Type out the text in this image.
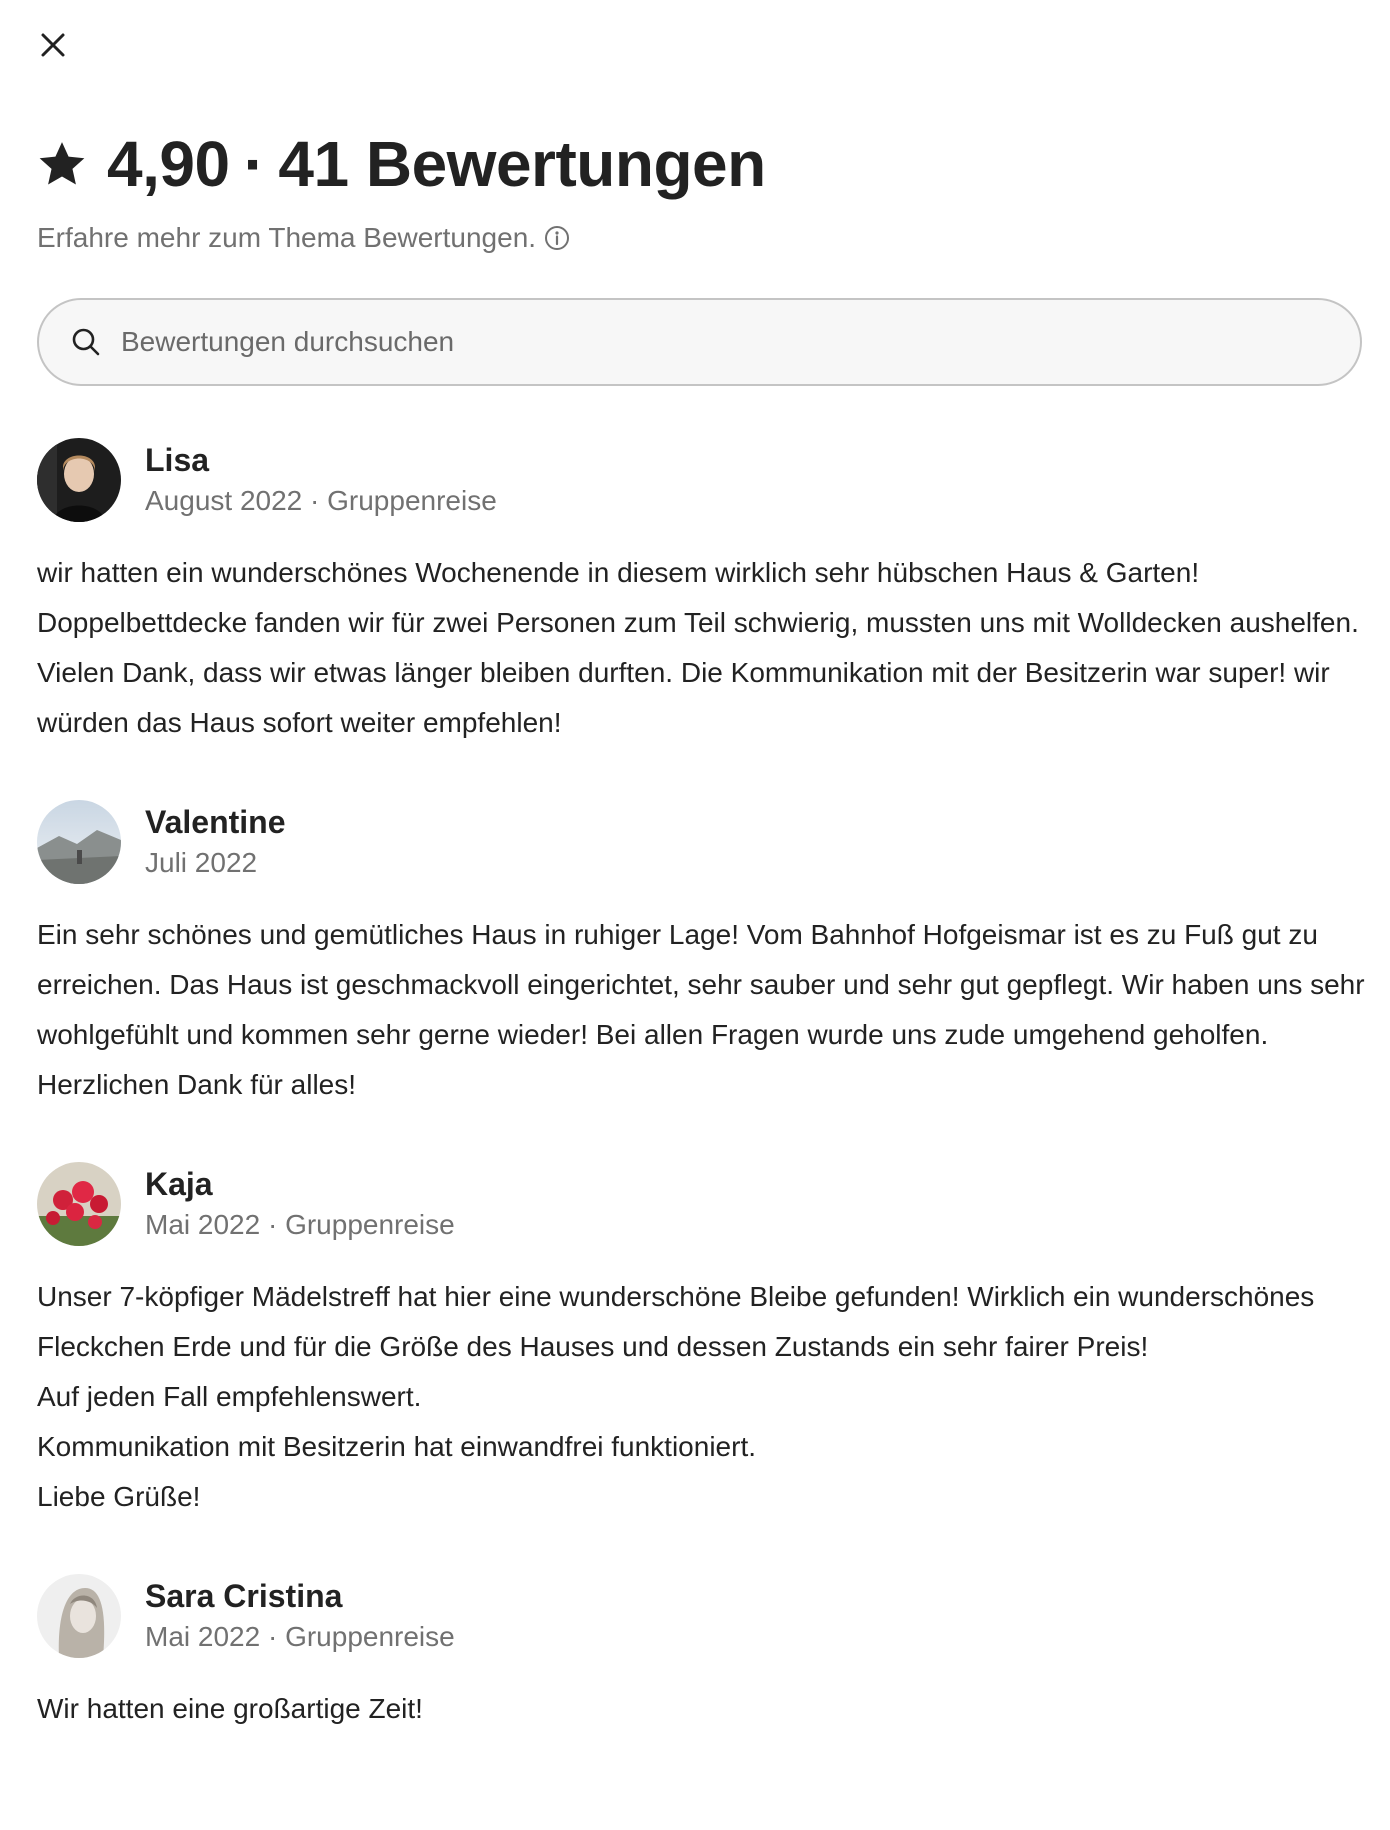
4,90 · 41 Bewertungen
Erfahre mehr zum Thema Bewertungen.
Bewertungen durchsuchen
Lisa
August 2022 · Gruppenreise

wir hatten ein wunderschönes Wochenende in diesem wirklich sehr hübschen Haus & Garten! Doppelbettdecke fanden wir für zwei Personen zum Teil schwierig, mussten uns mit Wolldecken aushelfen. Vielen Dank, dass wir etwas länger bleiben durften. Die Kommunikation mit der Besitzerin war super! wir würden das Haus sofort weiter empfehlen!

Valentine
Juli 2022

Ein sehr schönes und gemütliches Haus in ruhiger Lage! Vom Bahnhof Hofgeismar ist es zu Fuß gut zu erreichen. Das Haus ist geschmackvoll eingerichtet, sehr sauber und sehr gut gepflegt. Wir haben uns sehr wohlgefühlt und kommen sehr gerne wieder! Bei allen Fragen wurde uns zude umgehend geholfen. Herzlichen Dank für alles!

Kaja
Mai 2022 · Gruppenreise

Unser 7-köpfiger Mädelstreff hat hier eine wunderschöne Bleibe gefunden! Wirklich ein wunderschönes Fleckchen Erde und für die Größe des Hauses und dessen Zustands ein sehr fairer Preis!

Auf jeden Fall empfehlenswert.

Kommunikation mit Besitzerin hat einwandfrei funktioniert.

Liebe Grüße!

Sara Cristina
Mai 2022 · Gruppenreise

Wir hatten eine großartige Zeit!
